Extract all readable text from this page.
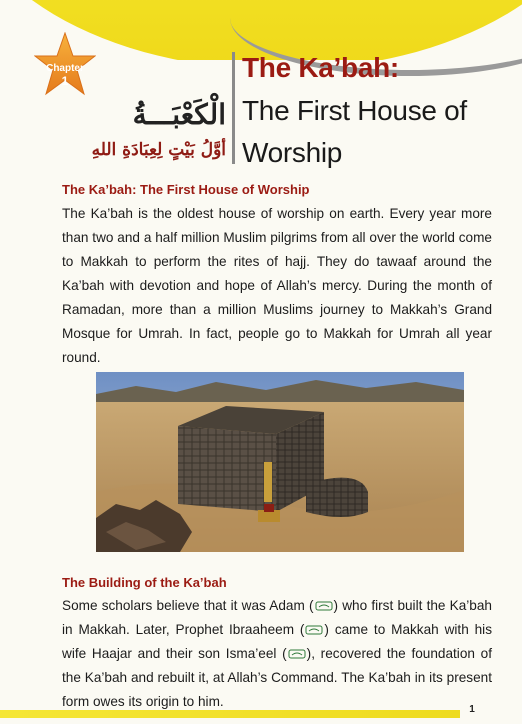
Chapter
1
الْكَعْبَـــةُ
أوَّلُ بَيْتٍ لِعِبَادَةِ اللهِ
The Ka’bah:
The First House of
Worship
The Ka’bah: The First House of Worship
The Ka’bah is the oldest house of worship on earth. Every year more than two and a half million Muslim pilgrims from all over the world come to Makkah to perform the rites of hajj. They do tawaaf around the Ka’bah with devotion and hope of Allah’s mercy. During the month of Ramadan, more than a million Muslims journey to Makkah’s Grand Mosque for Umrah. In fact, people go to Makkah for Umrah all year round.
The Building of the Ka’bah
Some scholars believe that it was Adam ( ) who first built the Ka’bah in Makkah. Later, Prophet Ibraaheem ( ) came to Makkah with his wife Haajar and their son Isma’eel ( ), recovered the foundation of the Ka’bah and rebuilt it, at Allah’s Command. The Ka’bah in its present form owes its origin to him.
1
